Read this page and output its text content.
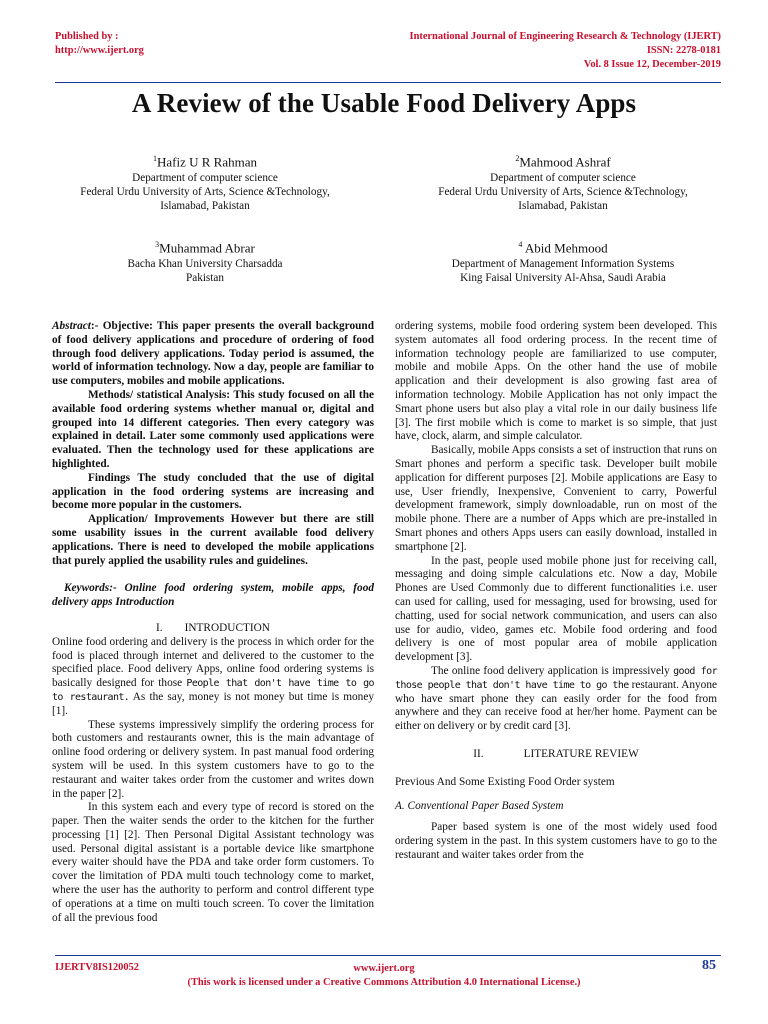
Published by :
http://www.ijert.org
International Journal of Engineering Research & Technology (IJERT)
ISSN: 2278-0181
Vol. 8 Issue 12, December-2019
A Review of the Usable Food Delivery Apps
$^1$Hafiz U R Rahman
Department of computer science
Federal Urdu University of Arts, Science &Technology,
Islamabad, Pakistan
$^2$Mahmood Ashraf
Department of computer science
Federal Urdu University of Arts, Science &Technology,
Islamabad, Pakistan
$^3$Muhammad Abrar
Bacha Khan University Charsadda
Pakistan
$^4$ Abid Mehmood
Department of Management Information Systems
King Faisal University Al-Ahsa, Saudi Arabia

Abstract:- Objective: This paper presents the overall background of food delivery applications and procedure of ordering of food through food delivery applications. Today period is assumed, the world of information technology. Now a day, people are familiar to use computers, mobiles and mobile applications.

Methods/ statistical Analysis: This study focused on all the available food ordering systems whether manual or, digital and grouped into 14 different categories. Then every category was explained in detail. Later some commonly used applications were evaluated. Then the technology used for these applications are highlighted.

Findings The study concluded that the use of digital application in the food ordering systems are increasing and become more popular in the customers.

Application/ Improvements However but there are still some usability issues in the current available food delivery applications. There is need to developed the mobile applications that purely applied the usability rules and guidelines.

Keywords:- Online food ordering system, mobile apps, food delivery apps Introduction

I. INTRODUCTION

Online food ordering and delivery is the process in which order for the food is placed through internet and delivered to the customer to the specified place. Food delivery Apps, online food ordering systems is basically designed for those People that don't have time to go to restaurant. As the say, money is not money but time is money [1].

These systems impressively simplify the ordering process for both customers and restaurants owner, this is the main advantage of online food ordering or delivery system. In past manual food ordering system will be used. In this system customers have to go to the restaurant and waiter takes order from the customer and writes down in the paper [2].

In this system each and every type of record is stored on the paper. Then the waiter sends the order to the kitchen for the further processing [1] [2]. Then Personal Digital Assistant technology was used. Personal digital assistant is a portable device like smartphone every waiter should have the PDA and take order form customers. To cover the limitation of PDA multi touch technology come to market, where the user has the authority to perform and control different type of operations at a time on multi touch screen. To cover the limitation of all the previous food

ordering systems, mobile food ordering system been developed. This system automates all food ordering process. In the recent time of information technology people are familiarized to use computer, mobile and mobile Apps. On the other hand the use of mobile application and their development is also growing fast area of information technology. Mobile Application has not only impact the Smart phone users but also play a vital role in our daily business life [3]. The first mobile which is come to market is so simple, that just have, clock, alarm, and simple calculator.

Basically, mobile Apps consists a set of instruction that runs on Smart phones and perform a specific task. Developer built mobile application for different purposes [2]. Mobile applications are Easy to use, User friendly, Inexpensive, Convenient to carry, Powerful development framework, simply downloadable, run on most of the mobile phone. There are a number of Apps which are pre-installed in Smart phones and others Apps users can easily download, installed in smartphone [2].

In the past, people used mobile phone just for receiving call, messaging and doing simple calculations etc. Now a day, Mobile Phones are Used Commonly due to different functionalities i.e. user can used for calling, used for messaging, used for browsing, used for chatting, used for social network communication, and users can also use for audio, video, games etc. Mobile food ordering and food delivery is one of most popular area of mobile application development [3].

The online food delivery application is impressively good for those people that don't have time to go the restaurant. Anyone who have smart phone they can easily order for the food from anywhere and they can receive food at her/her home. Payment can be either on delivery or by credit card [3].

II.	LITERATURE REVIEW

Previous And Some Existing Food Order system

A. Conventional Paper Based System

Paper based system is one of the most widely used food ordering system in the past. In this system customers have to go to the restaurant and waiter takes order from the

IJERTV8IS120052	www.ijert.org
(This work is licensed under a Creative Commons Attribution 4.0 International License.)
85
